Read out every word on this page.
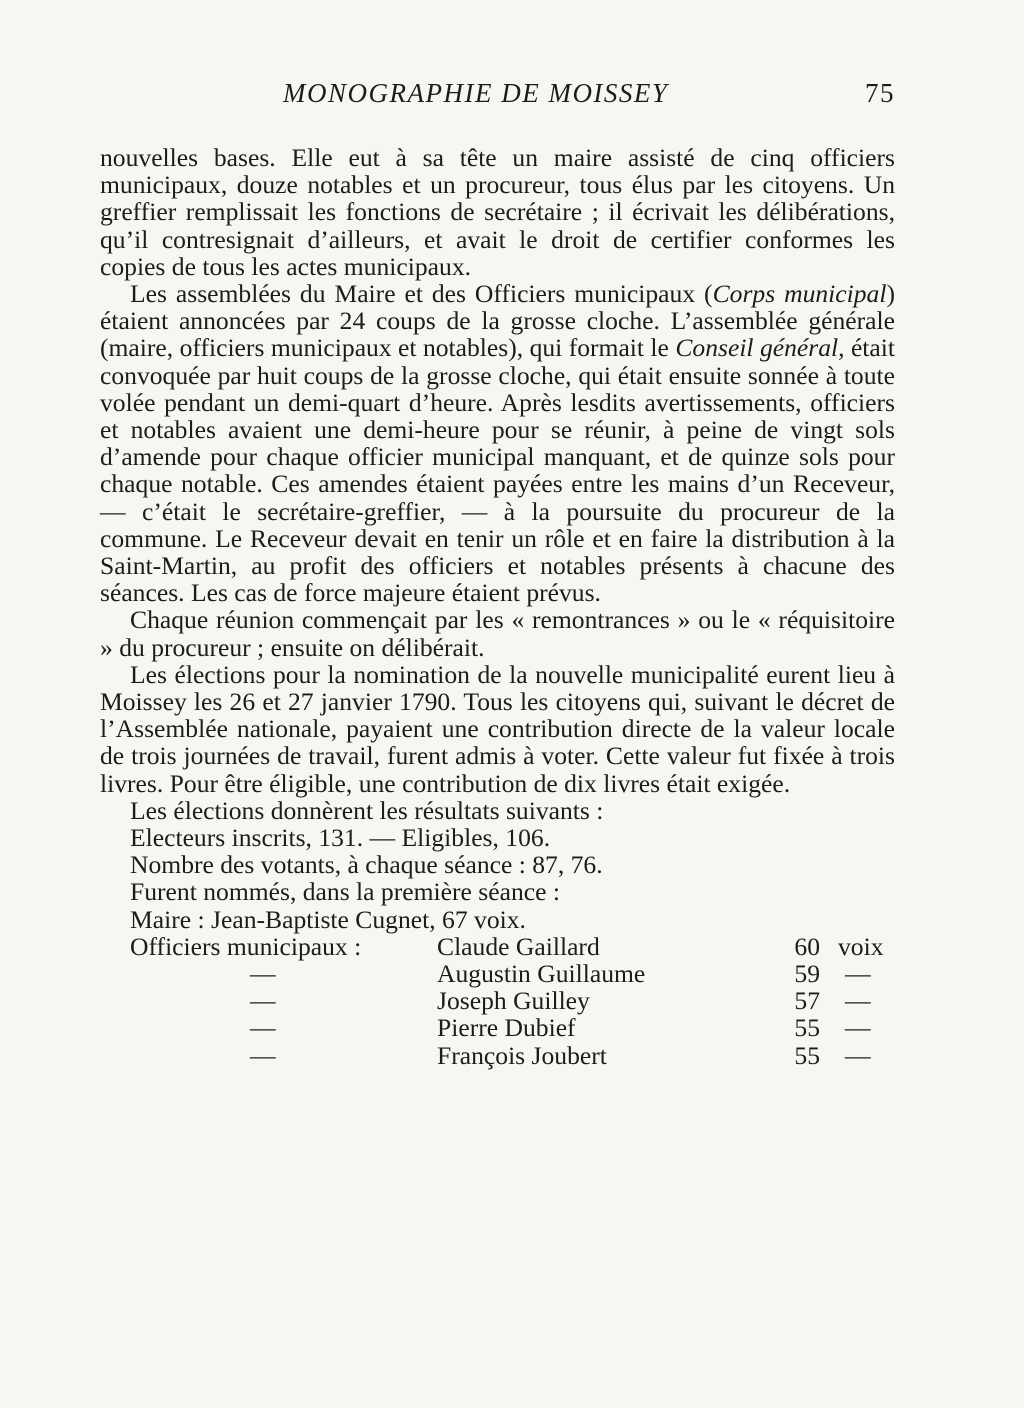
MONOGRAPHIE DE MOISSEY	75

nouvelles bases. Elle eut à sa tête un maire assisté de cinq officiers municipaux, douze notables et un procureur, tous élus par les citoyens. Un greffier remplissait les fonctions de secrétaire ; il écrivait les délibérations, qu’il contresignait d’ailleurs, et avait le droit de certifier conformes les copies de tous les actes municipaux.

Les assemblées du Maire et des Officiers municipaux (Corps municipal) étaient annoncées par 24 coups de la grosse cloche. L’assemblée générale (maire, officiers municipaux et notables), qui formait le Conseil général, était convoquée par huit coups de la grosse cloche, qui était ensuite sonnée à toute volée pendant un demi-quart d’heure. Après lesdits avertissements, officiers et notables avaient une demi-heure pour se réunir, à peine de vingt sols d’amende pour chaque officier municipal manquant, et de quinze sols pour chaque notable. Ces amendes étaient payées entre les mains d’un Receveur, — c’était le secrétaire-greffier, — à la poursuite du procureur de la commune. Le Receveur devait en tenir un rôle et en faire la distribution à la Saint-Martin, au profit des officiers et notables présents à chacune des séances. Les cas de force majeure étaient prévus.

Chaque réunion commençait par les « remontrances » ou le « réquisitoire » du procureur ; ensuite on délibérait.

Les élections pour la nomination de la nouvelle municipalité eurent lieu à Moissey les 26 et 27 janvier 1790. Tous les citoyens qui, suivant le décret de l’Assemblée nationale, payaient une contribution directe de la valeur locale de trois journées de travail, furent admis à voter. Cette valeur fut fixée à trois livres. Pour être éligible, une contribution de dix livres était exigée.

Les élections donnèrent les résultats suivants :
Electeurs inscrits, 131. — Eligibles, 106.
Nombre des votants, à chaque séance : 87, 76.
Furent nommés, dans la première séance :
Maire : Jean-Baptiste Cugnet, 67 voix.
Officiers municipaux :	Claude Gaillard	60 voix
—	Augustin Guillaume	59 —
—	Joseph Guilley	57 —
—	Pierre Dubief	55 —
—	François Joubert	55 —
